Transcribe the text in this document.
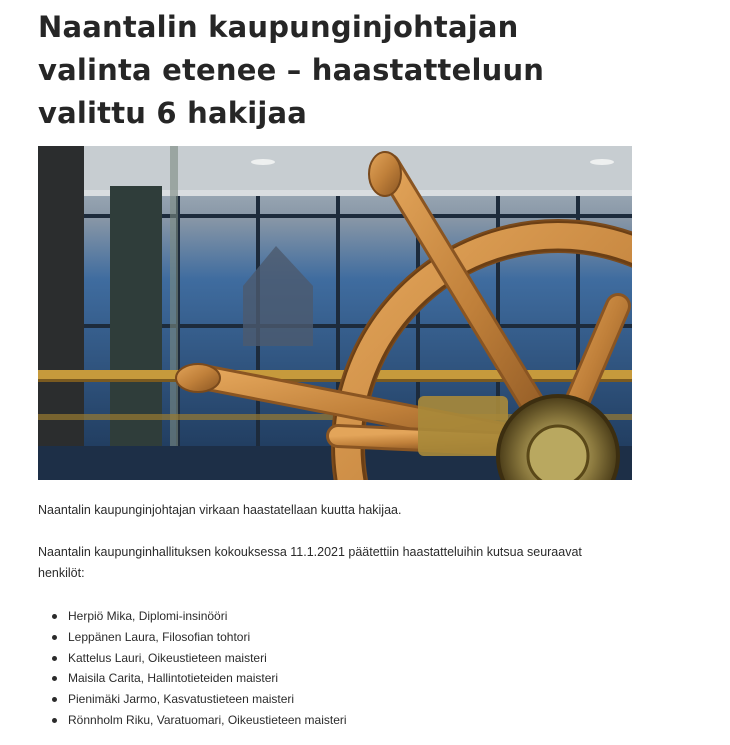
Naantalin kaupunginjohtajan valinta etenee – haastatteluun valittu 6 hakijaa

Naantalin kaupunginjohtajan virkaan haastatellaan kuutta hakijaa.

Naantalin kaupunginhallituksen kokouksessa 11.1.2021 päätettiin haastatteluihin kutsua seuraavat henkilöt:

Herpiö Mika, Diplomi-insinööri
Leppänen Laura, Filosofian tohtori
Kattelus Lauri, Oikeustieteen maisteri
Maisila Carita, Hallintotieteiden maisteri
Pienimäki Jarmo, Kasvatustieteen maisteri
Rönnholm Riku, Varatuomari, Oikeustieteen maisteri
